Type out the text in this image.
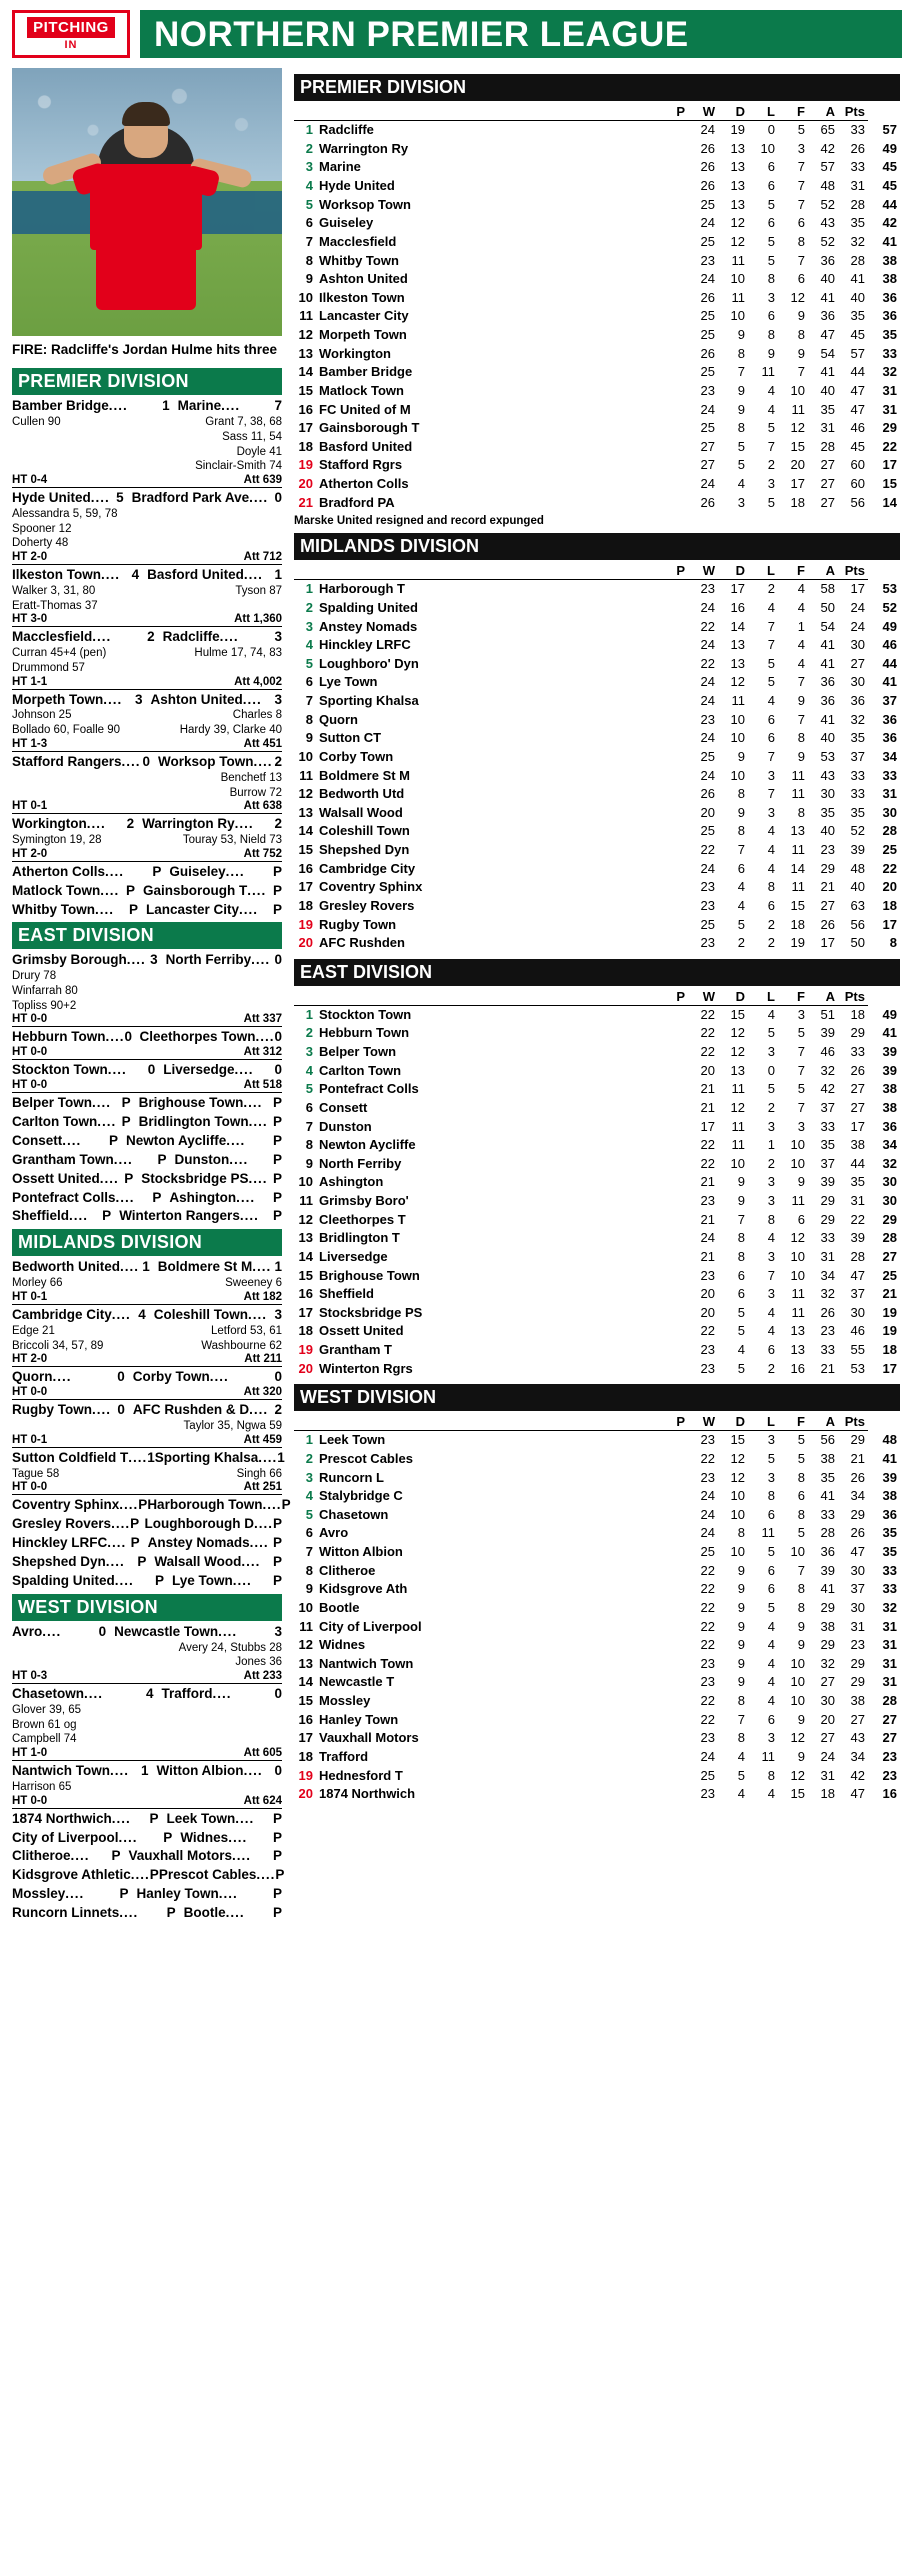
PITCHING
IN	NORTHERN PREMIER LEAGUE
FIRE: Radcliffe's Jordan Hulme hits three
PREMIER DIVISION
Bamber Bridge ....	1 Marine ....	7
Cullen 90	Grant 7, 38, 68
Sass 11, 54
Doyle 41
Sinclair-Smith 74
HT 0-4	Att 639
Hyde United .... 5 Bradford Park Ave .... 0
Alessandra 5, 59, 78
Spooner 12
Doherty 48
HT 2-0	Att 712
Ilkeston Town .... 4 Basford United .... 1
Walker 3, 31, 80
Eratt-Thomas 37
Tyson 87
HT 3-0	Att 1,360
Macclesfield ....	2 Radcliffe ....	3
Curran 45+4 (pen)
Drummond 57
Hulme 17, 74, 83
HT 1-1	Att 4,002
Morpeth Town .... 3 Ashton United .... 3
Johnson 25
Bollado 60, Foalle 90
Charles 8
Hardy 39, Clarke 40
HT 1-3	Att 451
Stafford Rangers .... 0 Worksop Town .... 2
Benchetf 13
Burrow 72
HT 0-1	Att 638
Workington ....	2 Warrington Ry ....	2
Symington 19, 28	Touray 53, Nield 73
HT 2-0	Att 752
Atherton Colls ....	P Guiseley ....	P
Matlock Town .... P Gainsborough T .... P
Whitby Town ....	P Lancaster City ....	P
EAST DIVISION
Grimsby Borough .... 3 North Ferriby .... 0
Drury 78
Winfarrah 80
Topliss 90+2
HT 0-0	Att 337
Hebburn Town .... 0 Cleethorpes Town .... 0
HT 0-0	Att 312
Stockton Town ....	0 Liversedge ....	0
HT 0-0	Att 518
Belper Town .... P Brighouse Town .... P
Carlton Town .... P Bridlington Town .... P
Consett ....	P Newton Aycliffe ....	P
Grantham Town ....	P Dunston ....	P
Ossett United .... P Stocksbridge PS .... P
Pontefract Colls ....	P Ashington ....	P
Sheffield ....	P Winterton Rangers ....	P
MIDLANDS DIVISION
Bedworth United .... 1 Boldmere St M .... 1
Morley 66	Sweeney 6
HT 0-1	Att 182
Cambridge City .... 4 Coleshill Town .... 3
Edge 21
Briccoli 34, 57, 89
Letford 53, 61
Washbourne 62
HT 2-0	Att 211
Quorn ....	0 Corby Town ....	0
HT 0-0	Att 320
Rugby Town .... 0 AFC Rushden & D .... 2
Taylor 35, Ngwa 59
HT 0-1	Att 459
Sutton Coldfield T .... 1 Sporting Khalsa .... 1
Tague 58	Singh 66
HT 0-0	Att 251
Coventry Sphinx .... P Harborough Town .... P
Gresley Rovers .... P Loughborough D .... P
Hinckley LRFC .... P Anstey Nomads .... P
Shepshed Dyn .... P Walsall Wood .... P
Spalding United ....	P Lye Town ....	P
WEST DIVISION
Avro ....	0 Newcastle Town ....	3
Avery 24, Stubbs 28
Jones 36
HT 0-3	Att 233
Chasetown ....	4 Trafford ....	0
Glover 39, 65
Brown 61 og
Campbell 74
HT 1-0	Att 605
Nantwich Town .... 1 Witton Albion .... 0
Harrison 65
HT 0-0	Att 624
1874 Northwich ....	P Leek Town ....	P
City of Liverpool ....	P Widnes ....	P
Clitheroe ....	P Vauxhall Motors ....	P
Kidsgrove Athletic .... P Prescot Cables .... P
Mossley ....	P Hanley Town ....	P
Runcorn Linnets ....	P Bootle ....	P
PREMIER DIVISION
	P	W	D	L	F	A	Pts	
1	Radcliffe	24	19	0	5	65	33	57
2	Warrington Ry	26	13	10	3	42	26	49
3	Marine	26	13	6	7	57	33	45
4	Hyde United	26	13	6	7	48	31	45
5	Worksop Town	25	13	5	7	52	28	44
6	Guiseley	24	12	6	6	43	35	42
7	Macclesfield	25	12	5	8	52	32	41
8	Whitby Town	23	11	5	7	36	28	38
9	Ashton United	24	10	8	6	40	41	38
10	Ilkeston Town	26	11	3	12	41	40	36
11	Lancaster City	25	10	6	9	36	35	36
12	Morpeth Town	25	9	8	8	47	45	35
13	Workington	26	8	9	9	54	57	33
14	Bamber Bridge	25	7	11	7	41	44	32
15	Matlock Town	23	9	4	10	40	47	31
16	FC United of M	24	9	4	11	35	47	31
17	Gainsborough T	25	8	5	12	31	46	29
18	Basford United	27	5	7	15	28	45	22
19	Stafford Rgrs	27	5	2	20	27	60	17
20	Atherton Colls	24	4	3	17	27	60	15
21	Bradford PA	26	3	5	18	27	56	14
Marske United resigned and record expunged
MIDLANDS DIVISION
	P	W	D	L	F	A	Pts	
1	Harborough T	23	17	2	4	58	17	53
2	Spalding United	24	16	4	4	50	24	52
3	Anstey Nomads	22	14	7	1	54	24	49
4	Hinckley LRFC	24	13	7	4	41	30	46
5	Loughboro' Dyn	22	13	5	4	41	27	44
6	Lye Town	24	12	5	7	36	30	41
7	Sporting Khalsa	24	11	4	9	36	36	37
8	Quorn	23	10	6	7	41	32	36
9	Sutton CT	24	10	6	8	40	35	36
10	Corby Town	25	9	7	9	53	37	34
11	Boldmere St M	24	10	3	11	43	33	33
12	Bedworth Utd	26	8	7	11	30	33	31
13	Walsall Wood	20	9	3	8	35	35	30
14	Coleshill Town	25	8	4	13	40	52	28
15	Shepshed Dyn	22	7	4	11	23	39	25
16	Cambridge City	24	6	4	14	29	48	22
17	Coventry Sphinx	23	4	8	11	21	40	20
18	Gresley Rovers	23	4	6	15	27	63	18
19	Rugby Town	25	5	2	18	26	56	17
20	AFC Rushden	23	2	2	19	17	50	8
EAST DIVISION
	P	W	D	L	F	A	Pts	
1	Stockton Town	22	15	4	3	51	18	49
2	Hebburn Town	22	12	5	5	39	29	41
3	Belper Town	22	12	3	7	46	33	39
4	Carlton Town	20	13	0	7	32	26	39
5	Pontefract Colls	21	11	5	5	42	27	38
6	Consett	21	12	2	7	37	27	38
7	Dunston	17	11	3	3	33	17	36
8	Newton Aycliffe	22	11	1	10	35	38	34
9	North Ferriby	22	10	2	10	37	44	32
10	Ashington	21	9	3	9	39	35	30
11	Grimsby Boro'	23	9	3	11	29	31	30
12	Cleethorpes T	21	7	8	6	29	22	29
13	Bridlington T	24	8	4	12	33	39	28
14	Liversedge	21	8	3	10	31	28	27
15	Brighouse Town	23	6	7	10	34	47	25
16	Sheffield	20	6	3	11	32	37	21
17	Stocksbridge PS	20	5	4	11	26	30	19
18	Ossett United	22	5	4	13	23	46	19
19	Grantham T	23	4	6	13	33	55	18
20	Winterton Rgrs	23	5	2	16	21	53	17
WEST DIVISION
	P	W	D	L	F	A	Pts	
1	Leek Town	23	15	3	5	56	29	48
2	Prescot Cables	22	12	5	5	38	21	41
3	Runcorn L	23	12	3	8	35	26	39
4	Stalybridge C	24	10	8	6	41	34	38
5	Chasetown	24	10	6	8	33	29	36
6	Avro	24	8	11	5	28	26	35
7	Witton Albion	25	10	5	10	36	47	35
8	Clitheroe	22	9	6	7	39	30	33
9	Kidsgrove Ath	22	9	6	8	41	37	33
10	Bootle	22	9	5	8	29	30	32
11	City of Liverpool	22	9	4	9	38	31	31
12	Widnes	22	9	4	9	29	23	31
13	Nantwich Town	23	9	4	10	32	29	31
14	Newcastle T	23	9	4	10	27	29	31
15	Mossley	22	8	4	10	30	38	28
16	Hanley Town	22	7	6	9	20	27	27
17	Vauxhall Motors	23	8	3	12	27	43	27
18	Trafford	24	4	11	9	24	34	23
19	Hednesford T	25	5	8	12	31	42	23
20	1874 Northwich	23	4	4	15	18	47	16
